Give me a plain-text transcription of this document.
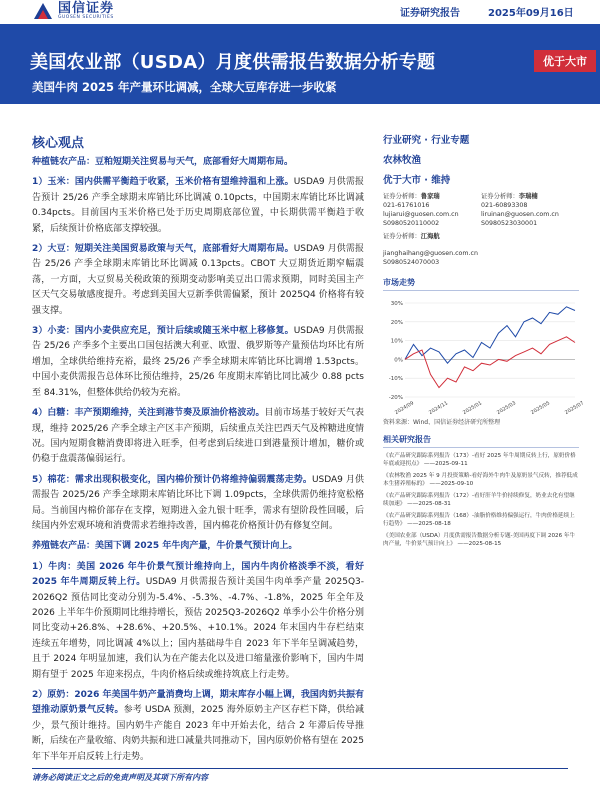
国信证券
GUOSEN SECURITIES	证券研究报告	2025年09月16日
美国农业部（USDA）月度供需报告数据分析专题
美国牛肉 2025 年产量环比调减，全球大豆库存进一步收紧
优于大市
核心观点
种植链农产品：豆粕短期关注贸易与天气，底部看好大周期布局。
1）玉米：国内供需平衡趋于收紧，玉米价格有望维持温和上涨。USDA9 月供需报告预计 25/26 产季全球期末库销比环比调减 0.10pcts，中国期末库销比环比调减 0.34pcts。目前国内玉米价格已处于历史周期底部位置，中长期供需平衡趋于收紧，后续预计价格底部支撑较强。
2）大豆：短期关注美国贸易政策与天气，底部看好大周期布局。USDA9 月供需报告 25/26 产季全球期末库销比环比调减 0.13pcts。CBOT 大豆期货近期窄幅震荡，一方面，大豆贸易关税政策的预期变动影响美豆出口需求预期，同时美国主产区天气交易敏感度提升。考虑到美国大豆新季供需偏紧，预计 2025Q4 价格将有较强支撑。
3）小麦：国内小麦供应充足，预计后续或随玉米中枢上移修复。USDA9 月供需报告 25/26 产季多个主要出口国包括澳大利亚、欧盟、俄罗斯等产量预估均环比有所增加，全球供给维持充裕，最终 25/26 产季全球期末库销比环比调增 1.53pcts。中国小麦供需报告总体环比预估维持，25/26 年度期末库销比同比减少 0.88 pcts 至 84.31%，但整体供给仍较为充裕。
4）白糖：丰产预期维持，关注到港节奏及原油价格波动。目前市场基于较好天气表现，维持 2025/26 产季全球主产区丰产预期，后续重点关注巴西天气及榨糖进度情况。国内短期食糖消费即将进入旺季，但考虑到后续进口到港量预计增加，糖价或仍稳于盘震荡偏弱运行。
5）棉花：需求出现积极变化，国内棉价预计仍将维持偏弱震荡走势。USDA9 月供需报告 2025/26 产季全球期末库销比环比下调 1.09pcts，全球供需仍维持宽松格局。当前国内棉价部存在支撑，短期进入金九银十旺季，需求有望阶段性回暖，后续国内外宏观环境和消费需求若维持改善，国内棉花价格预计仍有修复空间。
养殖链农产品：美国下调 2025 年牛肉产量，牛价景气预计向上。
1）牛肉：美国 2026 年牛价景气预计维持向上，国内牛肉价格淡季不淡，看好 2025 年牛周期反转上行。USDA9 月供需报告预计美国牛肉单季产量 2025Q3-2026Q2 预估同比变动分别为-5.4%、-5.3%、-4.7%、-1.8%，2025 年全年及 2026 上半年牛价预期同比维持增长，预估 2025Q3-2026Q2 单季小公牛价格分别同比变动+26.8%、+28.6%、+20.5%、+10.1%。2024 年末国内牛存栏结束连续五年增势，同比调减 4%以上；国内基础母牛自 2023 年下半年呈调减趋势，且于 2024 年明显加速，我们认为在产能去化以及进口缩量涨价影响下，国内牛周期有望于 2025 年迎来拐点，牛肉价格后续或维持筑底上行走势。
2）原奶：2026 年美国牛奶产量消费均上调，期末库存小幅上调，我国肉奶共振有望推动原奶景气反转。参考 USDA 预测，2025 海外原奶主产区存栏下降，供给减少，景气预计维持。国内奶牛产能自 2023 年中开始去化，结合 2 年滞后传导推断，后续在产量收缩、肉奶共振和进口减量共同推动下，国内原奶价格有望在 2025 年下半年开启反转上行走势。
行业研究 · 行业专题
农林牧渔
优于大市 · 维持
证券分析师：鲁家瑞
021-61761016
lujiarui@guosen.com.cn
S0980520110002
证券分析师：李瑞楠
021-60893308
liruinan@guosen.com.cn
S0980523030001
证券分析师：江海航
jianghaihang@guosen.com.cn
S0980524070003
市场走势
30%
20%
10%
0%
-10%
-20%
2024/09	2024/11	2025/01	2025/03	2025/05	2025/07
资料来源：Wind、国信证券经济研究所整理
相关研究报告
《农产品研究跟踪系列报告（173）-看好 2025 年牛周期反转上行，原奶价格年底或迎拐点》 ——2025-09-11
《农林牧渔 2025 年 9 月投资策略-看好海外牛肉牛及原奶景气反转，推荐低成本生猪养殖标的》 ——2025-09-10
《农产品研究跟踪系列报告（172）-看好肝羊牛价持续修复，奶业去化有望继续加速》 ——2025-08-31
《农产品研究跟踪系列报告（168）-油脂价格维持偏强运行，牛肉价格延续上行趋势》 ——2025-08-18
《美国农业部（USDA）月度供需报告数据分析专题-美国再度下调 2026 年牛肉产量，牛价景气预计向上》 ——2025-08-15
请务必阅读正文之后的免责声明及其项下所有内容
